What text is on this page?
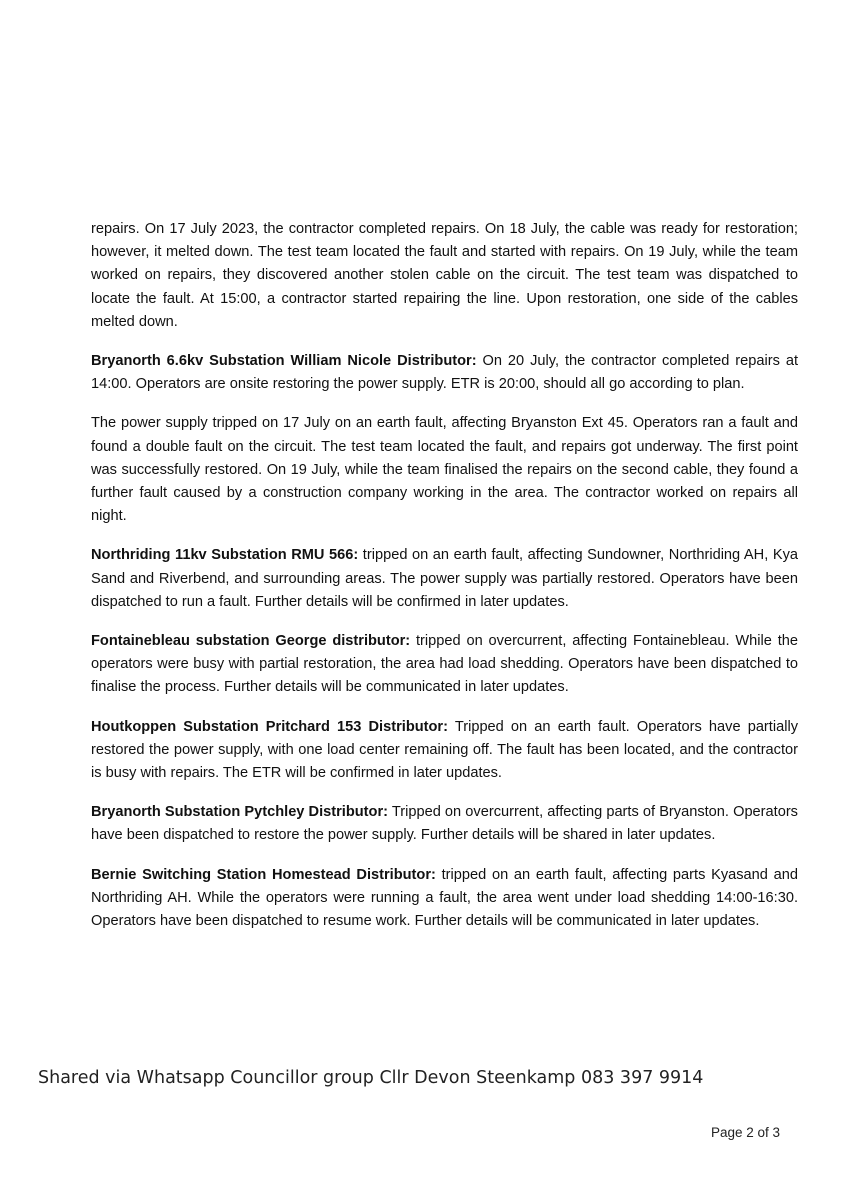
repairs. On 17 July 2023, the contractor completed repairs. On 18 July, the cable was ready for restoration; however, it melted down. The test team located the fault and started with repairs. On 19 July, while the team worked on repairs, they discovered another stolen cable on the circuit. The test team was dispatched to locate the fault. At 15:00, a contractor started repairing the line. Upon restoration, one side of the cables melted down.

Bryanorth 6.6kv Substation William Nicole Distributor: On 20 July, the contractor completed repairs at 14:00. Operators are onsite restoring the power supply. ETR is 20:00, should all go according to plan.

The power supply tripped on 17 July on an earth fault, affecting Bryanston Ext 45. Operators ran a fault and found a double fault on the circuit. The test team located the fault, and repairs got underway. The first point was successfully restored. On 19 July, while the team finalised the repairs on the second cable, they found a further fault caused by a construction company working in the area. The contractor worked on repairs all night.

Northriding 11kv Substation RMU 566: tripped on an earth fault, affecting Sundowner, Northriding AH, Kya Sand and Riverbend, and surrounding areas. The power supply was partially restored. Operators have been dispatched to run a fault. Further details will be confirmed in later updates.

Fontainebleau substation George distributor: tripped on overcurrent, affecting Fontainebleau. While the operators were busy with partial restoration, the area had load shedding. Operators have been dispatched to finalise the process. Further details will be communicated in later updates.

Houtkoppen Substation Pritchard 153 Distributor: Tripped on an earth fault. Operators have partially restored the power supply, with one load center remaining off. The fault has been located, and the contractor is busy with repairs. The ETR will be confirmed in later updates.

Bryanorth Substation Pytchley Distributor: Tripped on overcurrent, affecting parts of Bryanston. Operators have been dispatched to restore the power supply. Further details will be shared in later updates.

Bernie Switching Station Homestead Distributor: tripped on an earth fault, affecting parts Kyasand and Northriding AH. While the operators were running a fault, the area went under load shedding 14:00-16:30. Operators have been dispatched to resume work. Further details will be communicated in later updates.

Shared via Whatsapp Councillor group Cllr Devon Steenkamp 083 397 9914
Page 2 of 3
